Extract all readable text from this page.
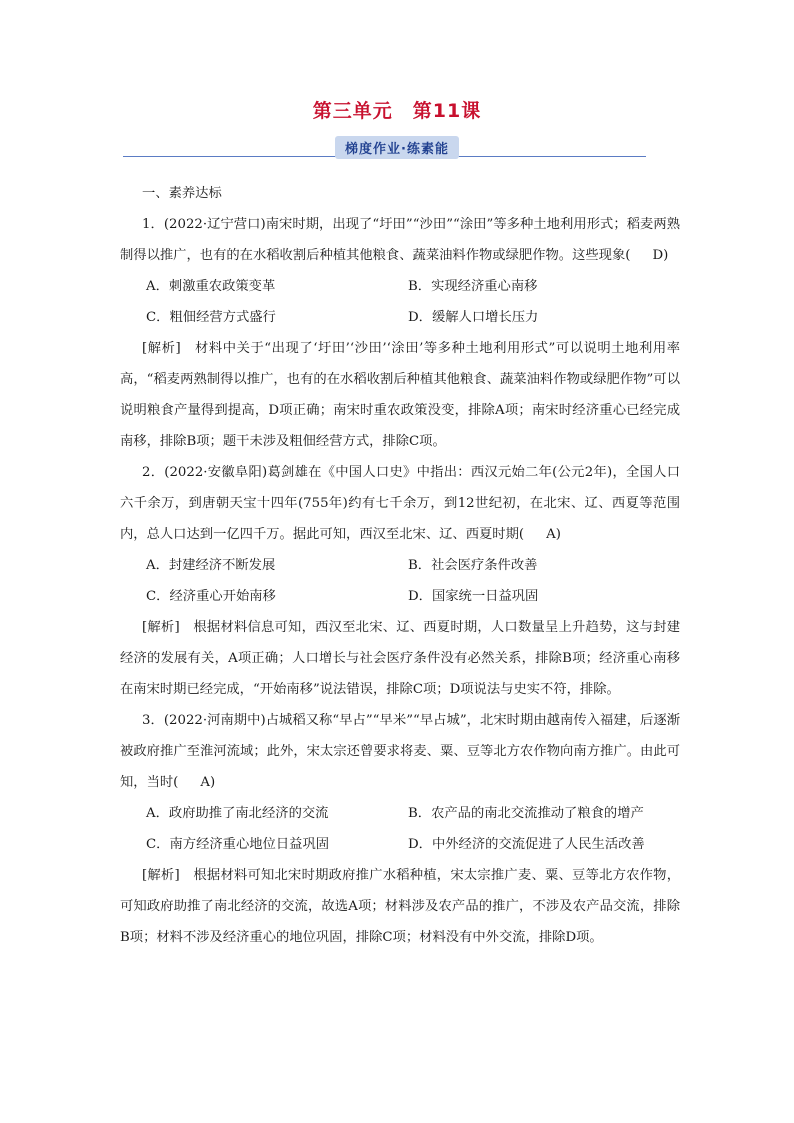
第三单元　第11课
梯度作业·练素能

一、素养达标

1．(2022·辽宁营口)南宋时期，出现了“圩田”“沙田”“涂田”等多种土地利用形式；稻麦两熟制得以推广，也有的在水稻收割后种植其他粮食、蔬菜油料作物或绿肥作物。这些现象( D)

A．刺激重农政策变革	B．实现经济重心南移
C．粗佃经营方式盛行	D．缓解人口增长压力

[解析]　材料中关于“出现了‘圩田’‘沙田’‘涂田’等多种土地利用形式”可以说明土地利用率高，“稻麦两熟制得以推广，也有的在水稻收割后种植其他粮食、蔬菜油料作物或绿肥作物”可以说明粮食产量得到提高，D项正确；南宋时重农政策没变，排除A项；南宋时经济重心已经完成南移，排除B项；题干未涉及粗佃经营方式，排除C项。

2．(2022·安徽阜阳)葛剑雄在《中国人口史》中指出：西汉元始二年(公元2年)，全国人口六千余万，到唐朝天宝十四年(755年)约有七千余万，到12世纪初，在北宋、辽、西夏等范围内，总人口达到一亿四千万。据此可知，西汉至北宋、辽、西夏时期( A)

A．封建经济不断发展	B．社会医疗条件改善
C．经济重心开始南移	D．国家统一日益巩固

[解析]　根据材料信息可知，西汉至北宋、辽、西夏时期，人口数量呈上升趋势，这与封建经济的发展有关，A项正确；人口增长与社会医疗条件没有必然关系，排除B项；经济重心南移在南宋时期已经完成，“开始南移”说法错误，排除C项；D项说法与史实不符，排除。

3．(2022·河南期中)占城稻又称“早占”“早米”“早占城”，北宋时期由越南传入福建，后逐渐被政府推广至淮河流域；此外，宋太宗还曾要求将麦、粟、豆等北方农作物向南方推广。由此可知，当时( A)

A．政府助推了南北经济的交流	B．农产品的南北交流推动了粮食的增产
C．南方经济重心地位日益巩固	D．中外经济的交流促进了人民生活改善

[解析]　根据材料可知北宋时期政府推广水稻种植，宋太宗推广麦、粟、豆等北方农作物，可知政府助推了南北经济的交流，故选A项；材料涉及农产品的推广，不涉及农产品交流，排除B项；材料不涉及经济重心的地位巩固，排除C项；材料没有中外交流，排除D项。
